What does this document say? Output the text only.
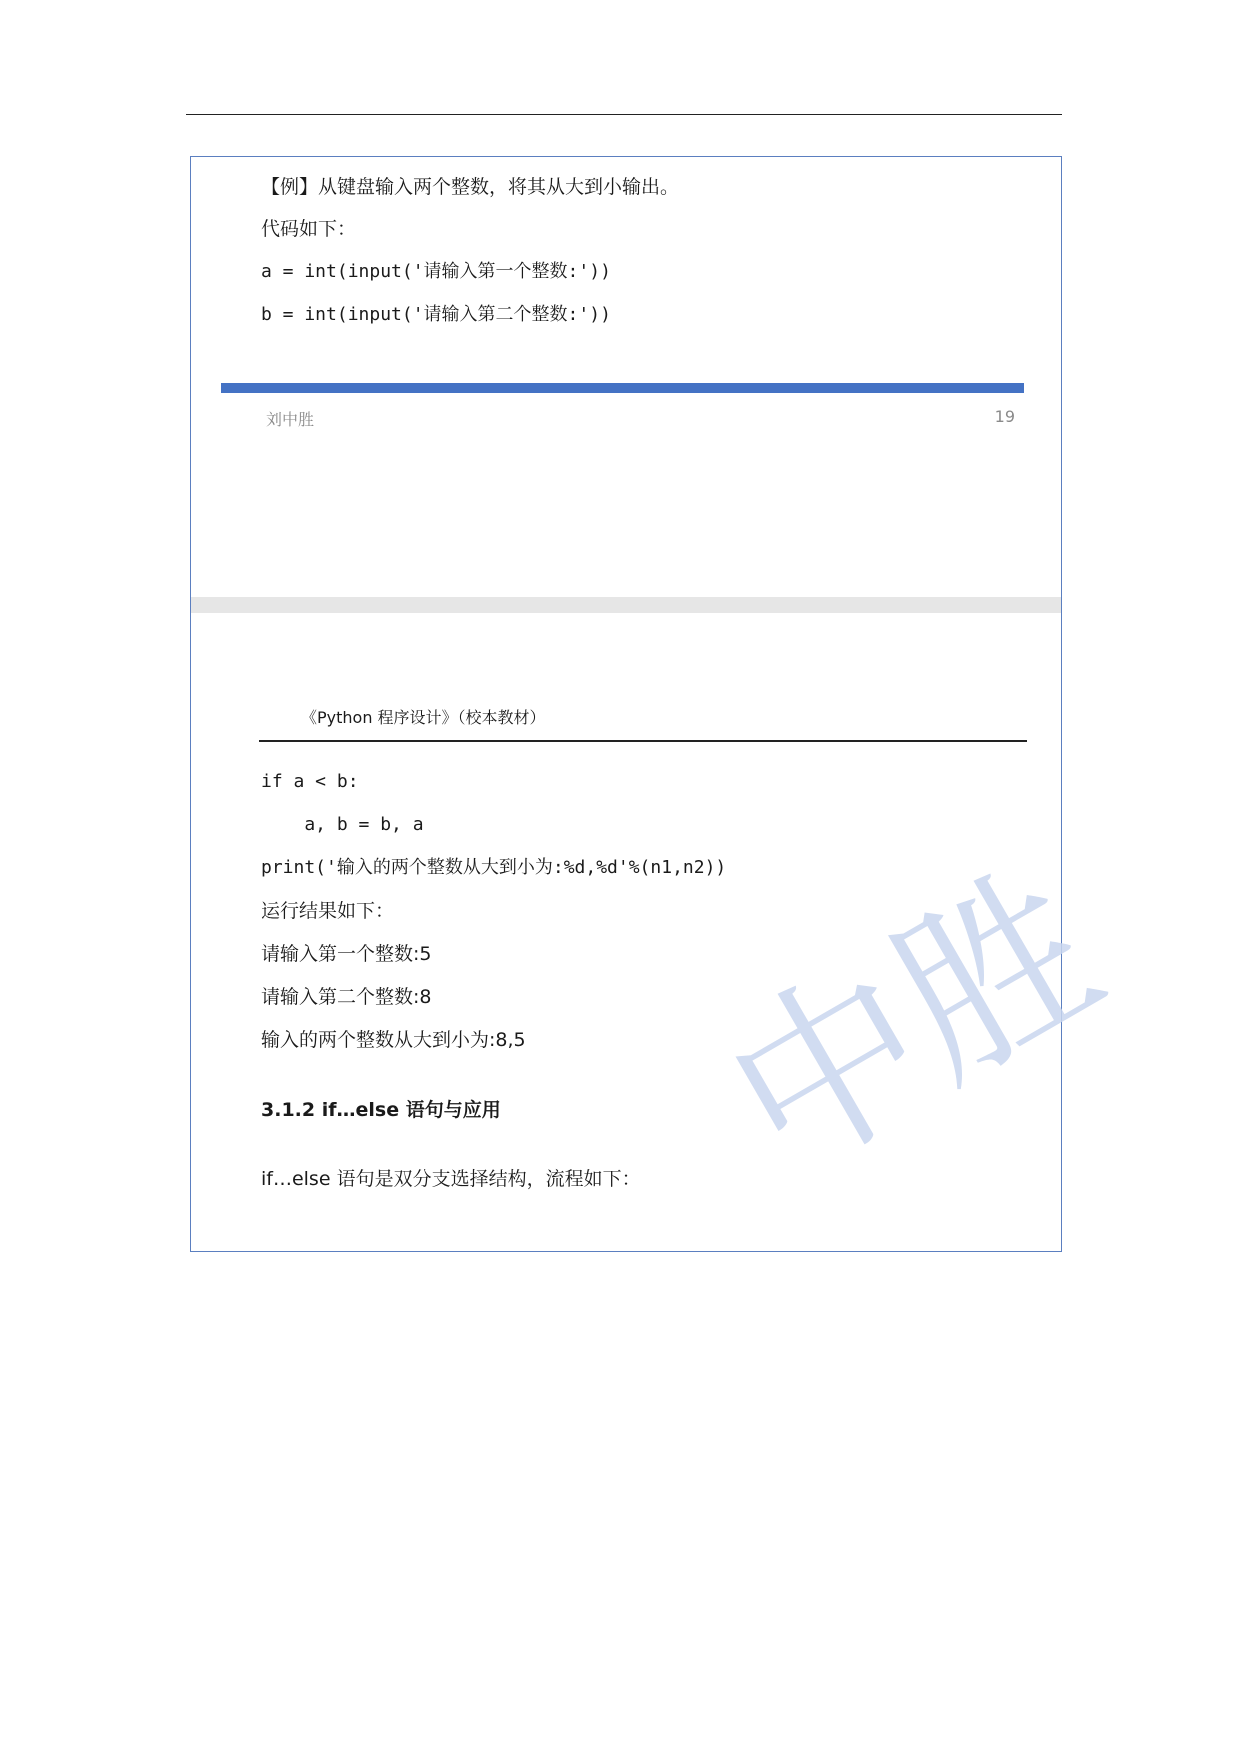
【例】从键盘输入两个整数，将其从大到小输出。
代码如下：
a = int(input('请输入第一个整数:'))
b = int(input('请输入第二个整数:'))
刘中胜	19
《Python 程序设计》（校本教材）
中胜
if a < b:
a, b = b, a
print('输入的两个整数从大到小为:%d,%d'%(n1,n2))
运行结果如下：
请输入第一个整数:5
请输入第二个整数:8
输入的两个整数从大到小为:8,5
3.1.2 if…else 语句与应用
if…else 语句是双分支选择结构，流程如下：
